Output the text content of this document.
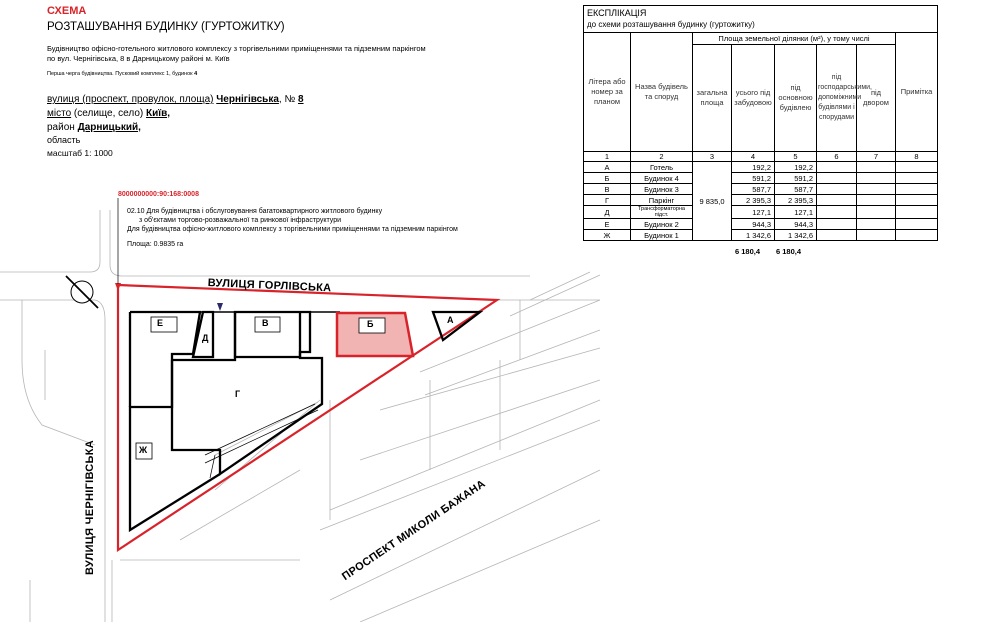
СХЕМА
РОЗТАШУВАННЯ БУДИНКУ (ГУРТОЖИТКУ)
Будівництво офісно-готельного житлового комплексу з торгівельними приміщеннями та підземним паркінгом
по вул. Чернігівська, 8 в Дарницькому районі м. Київ
Перша черга будівництва. Пусковий комплекс 1, будинок 4
вулиця (проспект, провулок, площа) Чернігівська, № 8
місто (селище, село) Київ,
район Дарницький,
область
масштаб 1: 1000
8000000000:90:168:0008
02.10 Для будівництва і обслуговування багатоквартирного житлового будинку
з об'єктами торгово-розважальної та ринкової інфраструктури
Для будівництва офісно-житлового комплексу з торгівельними приміщеннями та підземним паркінгом
Площа: 0.9835 га
Е
Д
В	Б	А
Г
Ж
ВУЛИЦЯ ГОРЛІВСЬКА
ВУЛИЦЯ ЧЕРНІГІВСЬКА	ПРОСПЕКТ МИКОЛИ БАЖАНА
ЕКСПЛІКАЦІЯ
до схеми розташування будинку (гуртожитку)							

Літера або номер за планом	Назва будівель та споруд	Площа земельної ділянки (м²), у тому числі					Примітка
		загальна площа	усього під забудовою	під основною будівлею	під господарськими, допоміжними будівлями і спорудами	під двором	
1	2	3	4	5	6	7	8
А	Готель	9 835,0	192,2	192,2			
Б	Будинок 4		591,2	591,2			
В	Будинок 3		587,7	587,7			
Г	Паркінг		2 395,3	2 395,3			
Д	Трансформаторна підст.		127,1	127,1			
Е	Будинок 2		944,3	944,3			
Ж	Будинок 1		1 342,6	1 342,6			
6 180,4 6 180,4
